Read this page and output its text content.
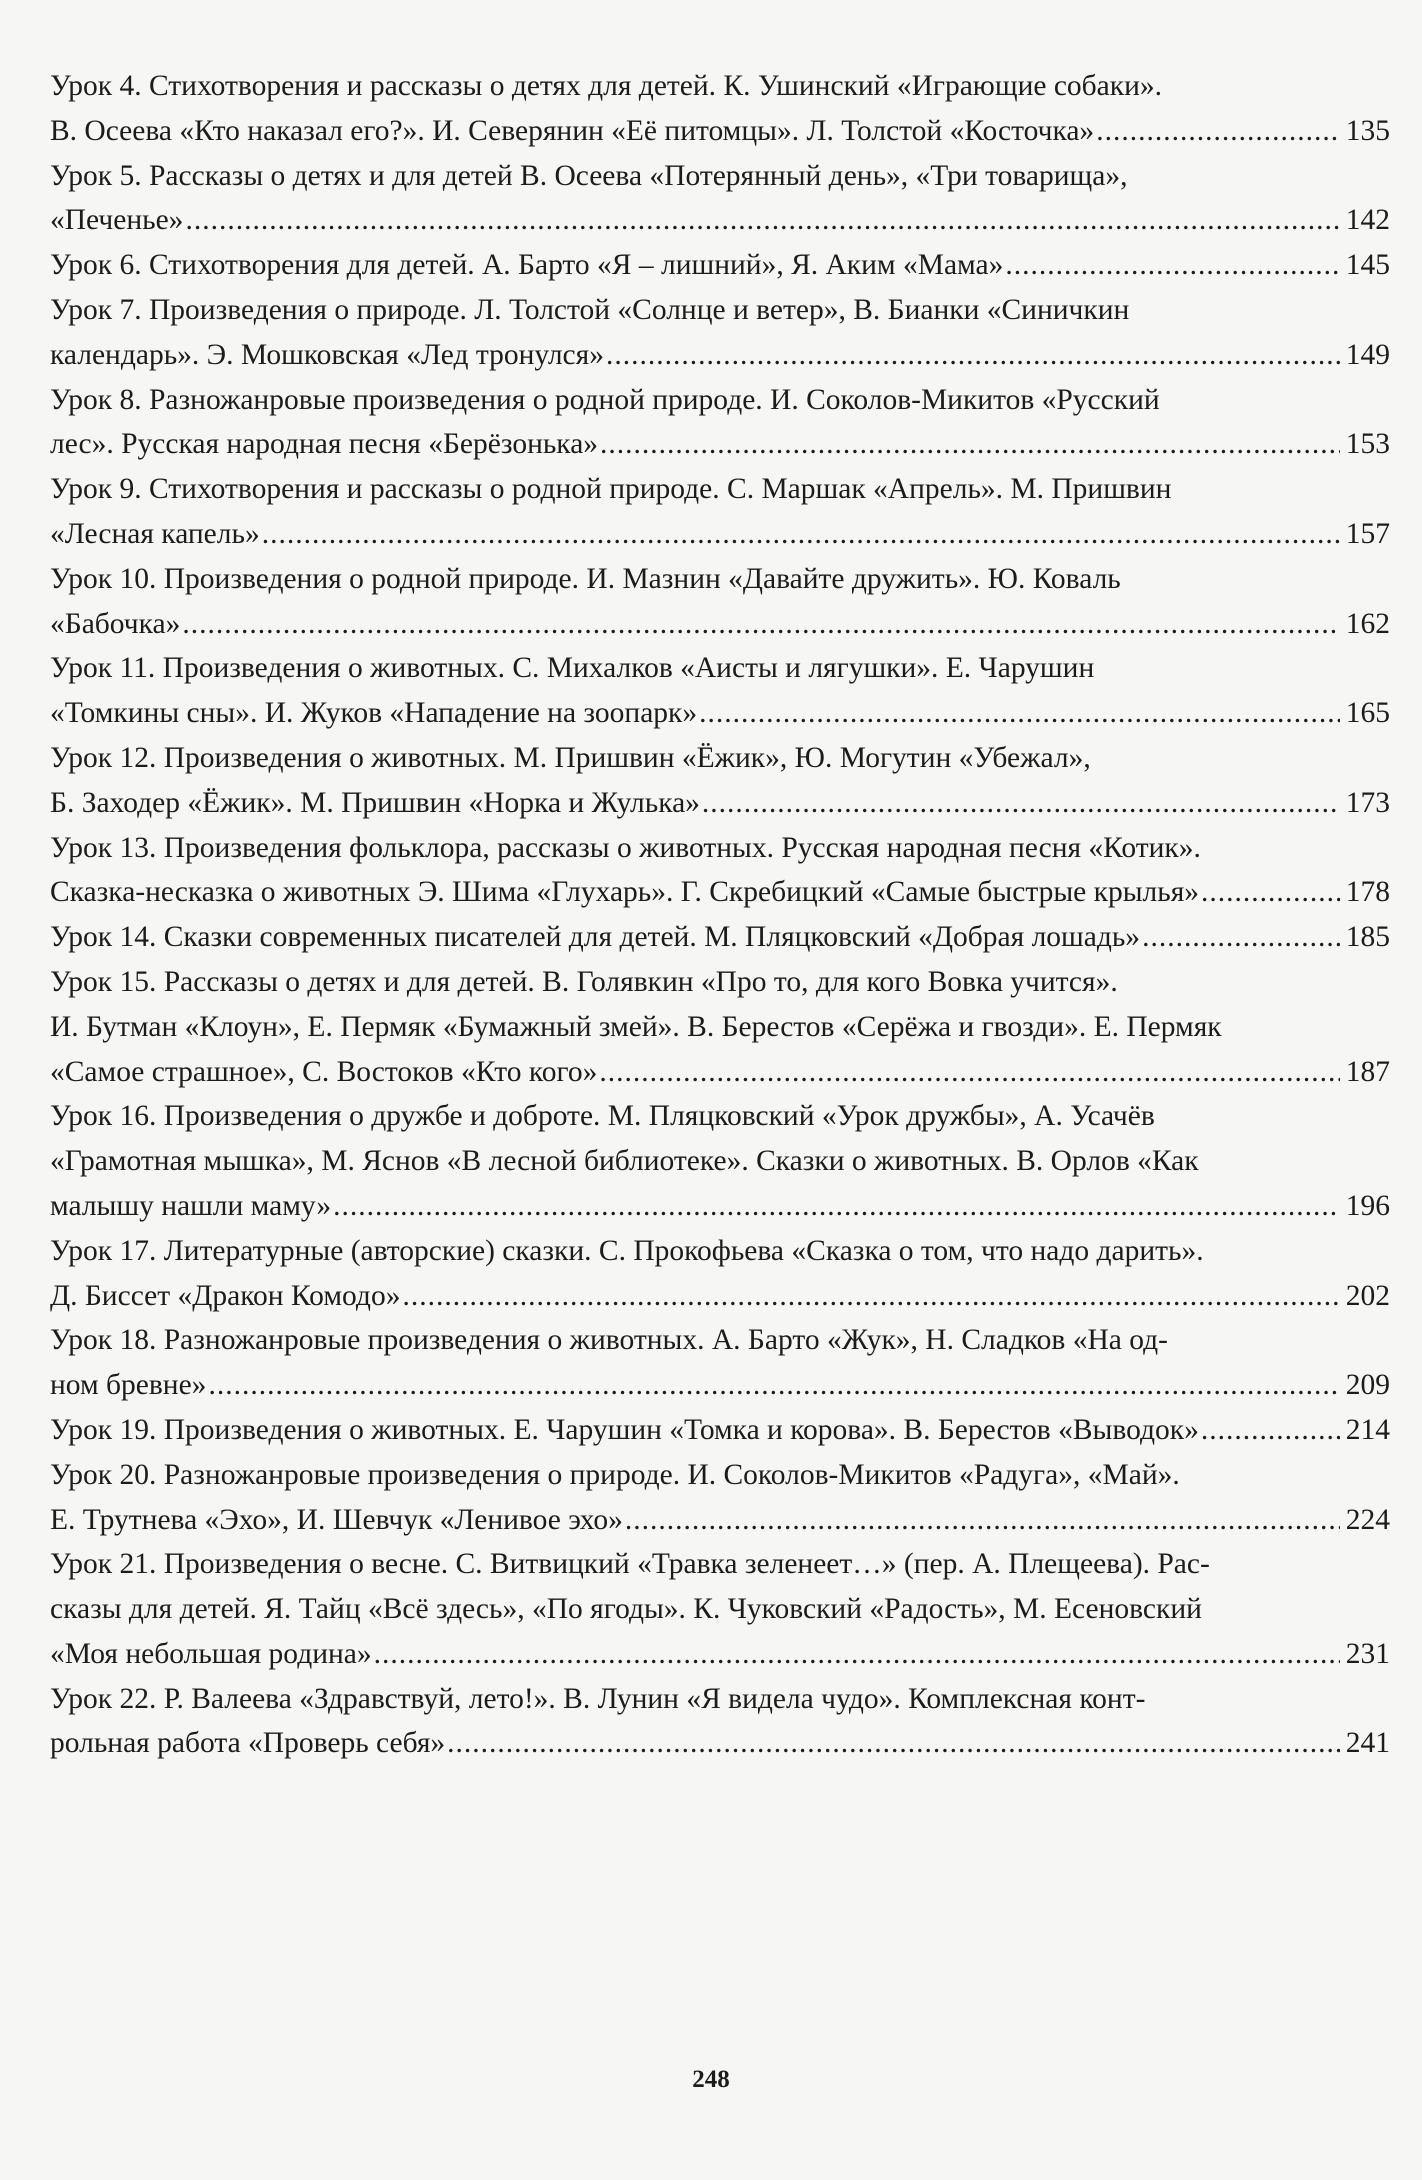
Урок 4. Стихотворения и рассказы о детях для детей. К. Ушинский «Играющие собаки».
В. Осеева «Кто наказал его?». И. Северянин «Её питомцы». Л. Толстой «Косточка» .....	135
Урок 5. Рассказы о детях и для детей В. Осеева «Потерянный день», «Три товарища»,
«Печенье» .....	142
Урок 6. Стихотворения для детей. А. Барто «Я – лишний», Я. Аким «Мама» .....	145
Урок 7. Произведения о природе. Л. Толстой «Солнце и ветер», В. Бианки «Синичкин
календарь». Э. Мошковская «Лед тронулся» .....	149
Урок 8. Разножанровые произведения о родной природе. И. Соколов-Микитов «Русский
лес». Русская народная песня «Берёзонька» .....	153
Урок 9. Стихотворения и рассказы о родной природе. С. Маршак «Апрель». М. Пришвин
«Лесная капель» .....	157
Урок 10. Произведения о родной природе. И. Мазнин «Давайте дружить». Ю. Коваль
«Бабочка» .....	162
Урок 11. Произведения о животных. С. Михалков «Аисты и лягушки». Е. Чарушин
«Томкины сны». И. Жуков «Нападение на зоопарк» .....	165
Урок 12. Произведения о животных. М. Пришвин «Ёжик», Ю. Могутин «Убежал»,
Б. Заходер «Ёжик». М. Пришвин «Норка и Жулька» .....	173
Урок 13. Произведения фольклора, рассказы о животных. Русская народная песня «Котик».
Сказка-несказка о животных Э. Шима «Глухарь». Г. Скребицкий «Самые быстрые крылья» .....	178
Урок 14. Сказки современных писателей для детей. М. Пляцковский «Добрая лошадь» .....	185
Урок 15. Рассказы о детях и для детей. В. Голявкин «Про то, для кого Вовка учится».
И. Бутман «Клоун», Е. Пермяк «Бумажный змей». В. Берестов «Серёжа и гвозди». Е. Пермяк
«Самое страшное», С. Востоков «Кто кого» .....	187
Урок 16. Произведения о дружбе и доброте. М. Пляцковский «Урок дружбы», А. Усачёв
«Грамотная мышка», М. Яснов «В лесной библиотеке». Сказки о животных. В. Орлов «Как
малышу нашли маму» .....	196
Урок 17. Литературные (авторские) сказки. С. Прокофьева «Сказка о том, что надо дарить».
Д. Биссет «Дракон Комодо» .....	202
Урок 18. Разножанровые произведения о животных. А. Барто «Жук», Н. Сладков «На од-
ном бревне» .....	209
Урок 19. Произведения о животных. Е. Чарушин «Томка и корова». В. Берестов «Выводок» .....	214
Урок 20. Разножанровые произведения о природе. И. Соколов-Микитов «Радуга», «Май».
Е. Трутнева «Эхо», И. Шевчук «Ленивое эхо» .....	224
Урок 21. Произведения о весне. С. Витвицкий «Травка зеленеет…» (пер. А. Плещеева). Рас-
сказы для детей. Я. Тайц «Всё здесь», «По ягоды». К. Чуковский «Радость», М. Есеновский
«Моя небольшая родина» .....	231
Урок 22. Р. Валеева «Здравствуй, лето!». В. Лунин «Я видела чудо». Комплексная конт-
рольная работа «Проверь себя» .....	241
248
